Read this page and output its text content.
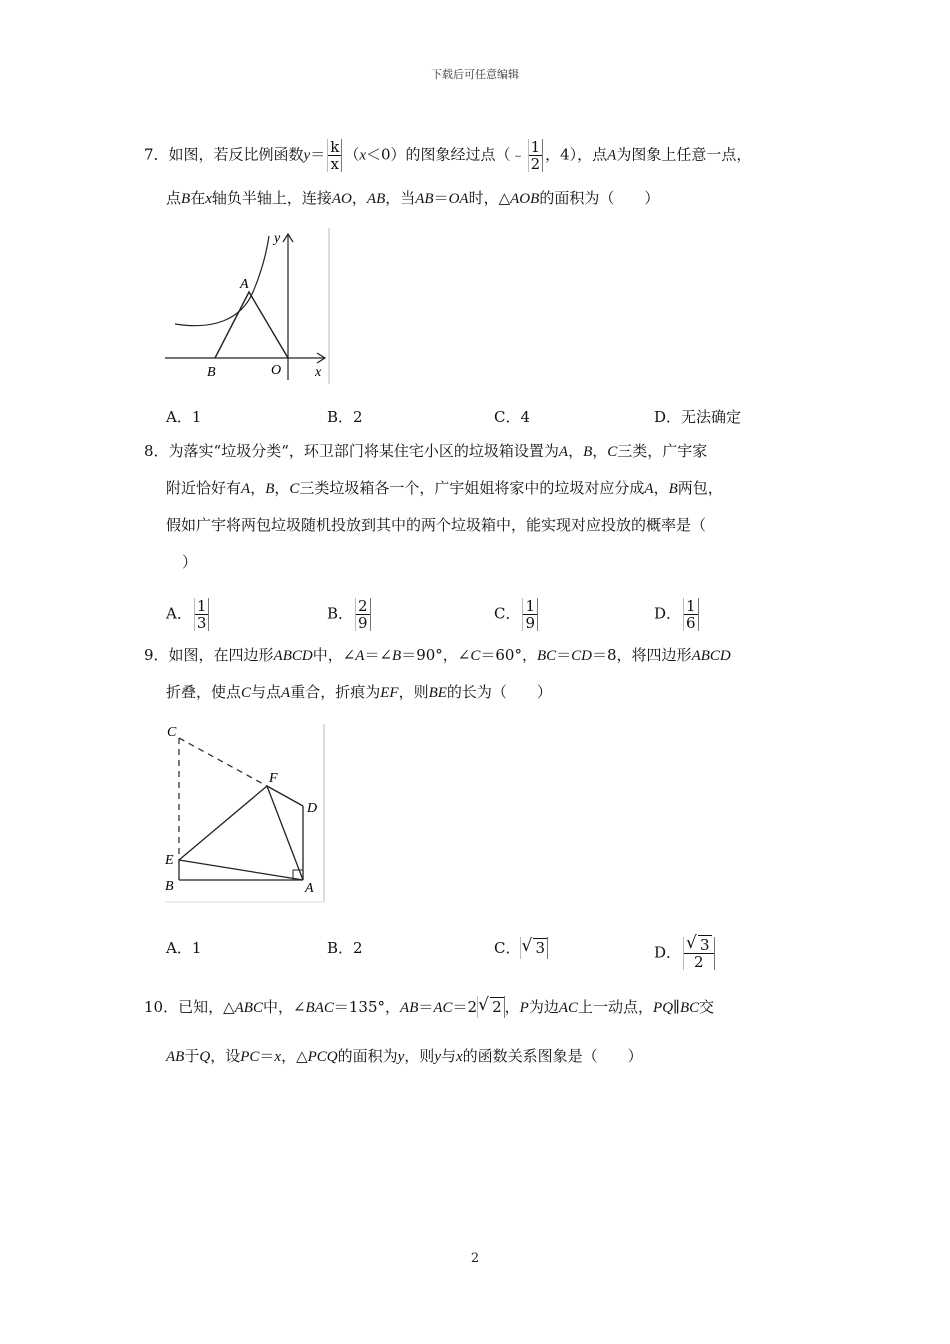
下载后可任意编辑
7．如图，若反比例函数$y= \frac{k}{x} (x<0)$的图象经过点（﹣ $\frac{1}{2}$ ，4），点A为图象上任意一点，
点B在x轴负半轴上，连接AO，AB，当AB＝OA时，△AOB的面积为（　　）
y
x
A
B	O
A．1	B．2	C．4	D．无法确定
8．为落实“垃圾分类“，环卫部门将某住宅小区的垃圾箱设置为A，B，C三类，广宇家
附近恰好有A，B，C三类垃圾箱各一个，广宇姐姐将家中的垃圾对应分成A，B两包，
假如广宇将两包垃圾随机投放到其中的两个垃圾箱中，能实现对应投放的概率是（
）
A． $\frac{1}{3}$	B． $\frac{2}{9}$	C． $\frac{1}{9}$	D． $\frac{1}{6}$
9．如图，在四边形ABCD中，∠A＝∠B＝90°，∠C＝60°，BC＝CD＝8，将四边形ABCD
折叠，使点C与点A重合，折痕为EF，则BE的长为（　　）
C
F
D
E
B	A
A．1	B．2	C． √ 3	D． $\frac{√ 3}{2}$
10．已知，△ABC中，∠BAC＝135°，AB＝AC＝2 √ 2 ，P为边AC上一动点，PQ∥BC交
AB于Q，设PC＝x，△PCQ的面积为y，则y与x的函数关系图象是（　　）
2
